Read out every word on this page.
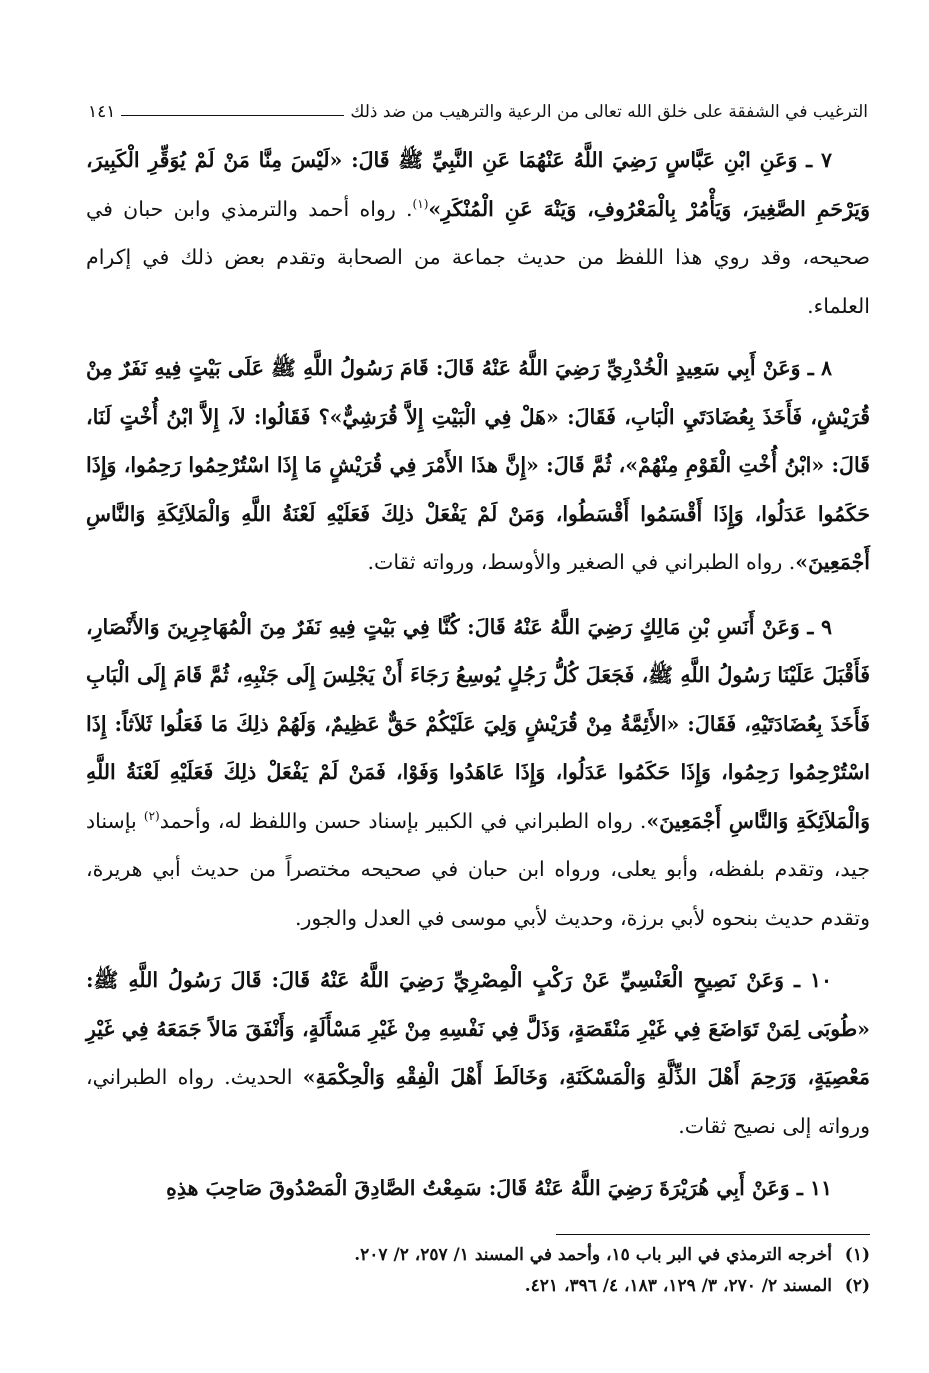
الترغيب في الشفقة على خلق الله تعالى من الرعية والترهيب من ضد ذلك
١٤١

٧ ـ وَعَنِ ابْنِ عَبَّاسٍ رَضِيَ اللَّهُ عَنْهُمَا عَنِ النَّبِيِّ ﷺ قَالَ: «لَيْسَ مِنَّا مَنْ لَمْ يُوَقِّرِ الْكَبِيرَ، وَيَرْحَمِ الصَّغِيرَ، وَيَأْمُرْ بِالْمَعْرُوفِ، وَيَنْهَ عَنِ الْمُنْكَرِ»$^{(١)}$. رواه أحمد والترمذي وابن حبان في صحيحه، وقد روي هذا اللفظ من حديث جماعة من الصحابة وتقدم بعض ذلك في إكرام العلماء.

٨ ـ وَعَنْ أَبِي سَعِيدٍ الْخُدْرِيِّ رَضِيَ اللَّهُ عَنْهُ قَالَ: قَامَ رَسُولُ اللَّهِ ﷺ عَلَى بَيْتٍ فِيهِ نَفَرٌ مِنْ قُرَيْشٍ، فَأَخَذَ بِعُضَادَتَيِ الْبَابِ، فَقَالَ: «هَلْ فِي الْبَيْتِ إِلاَّ قُرَشِيٌّ»؟ فَقَالُوا: لاَ، إِلاَّ ابْنُ أُخْتٍ لَنَا، قَالَ: «ابْنُ أُخْتِ الْقَوْمِ مِنْهُمْ»، ثُمَّ قَالَ: «إِنَّ هذَا الأَمْرَ فِي قُرَيْشٍ مَا إِذَا اسْتُرْحِمُوا رَحِمُوا، وَإِذَا حَكَمُوا عَدَلُوا، وَإِذَا أَقْسَمُوا أَقْسَطُوا، وَمَنْ لَمْ يَفْعَلْ ذلِكَ فَعَلَيْهِ لَعْنَةُ اللَّهِ وَالْمَلاَئِكَةِ وَالنَّاسِ أَجْمَعِينَ». رواه الطبراني في الصغير والأوسط، ورواته ثقات.

٩ ـ وَعَنْ أَنَسِ بْنِ مَالِكٍ رَضِيَ اللَّهُ عَنْهُ قَالَ: كُنَّا فِي بَيْتٍ فِيهِ نَفَرٌ مِنَ الْمُهَاجِرِينَ وَالأَنْصَارِ، فَأَقْبَلَ عَلَيْنَا رَسُولُ اللَّهِ ﷺ، فَجَعَلَ كُلُّ رَجُلٍ يُوسِعُ رَجَاءَ أَنْ يَجْلِسَ إِلَى جَنْبِهِ، ثُمَّ قَامَ إِلَى الْبَابِ فَأَخَذَ بِعُضَادَتَيْهِ، فَقَالَ: «الأَئِمَّةُ مِنْ قُرَيْشٍ وَلِيَ عَلَيْكُمْ حَقٌّ عَظِيمٌ، وَلَهُمْ ذلِكَ مَا فَعَلُوا ثَلاَثاً: إِذَا اسْتُرْحِمُوا رَحِمُوا، وَإِذَا حَكَمُوا عَدَلُوا، وَإِذَا عَاهَدُوا وَفَوْا، فَمَنْ لَمْ يَفْعَلْ ذلِكَ فَعَلَيْهِ لَعْنَةُ اللَّهِ وَالْمَلاَئِكَةِ وَالنَّاسِ أَجْمَعِينَ». رواه الطبراني في الكبير بإسناد حسن واللفظ له، وأحمد$^{(٢)}$ بإسناد جيد، وتقدم بلفظه، وأبو يعلى، ورواه ابن حبان في صحيحه مختصراً من حديث أبي هريرة، وتقدم حديث بنحوه لأبي برزة، وحديث لأبي موسى في العدل والجور.

١٠ ـ وَعَنْ نَصِيحٍ الْعَنْسِيِّ عَنْ رَكْبٍ الْمِصْرِيِّ رَضِيَ اللَّهُ عَنْهُ قَالَ: قَالَ رَسُولُ اللَّهِ ﷺ: «طُوبَى لِمَنْ تَوَاضَعَ فِي غَيْرِ مَنْقَصَةٍ، وَذَلَّ فِي نَفْسِهِ مِنْ غَيْرِ مَسْأَلَةٍ، وَأَنْفَقَ مَالاً جَمَعَهُ فِي غَيْرِ مَعْصِيَةٍ، وَرَحِمَ أَهْلَ الذِّلَّةِ وَالْمَسْكَنَةِ، وَخَالَطَ أَهْلَ الْفِقْهِ وَالْحِكْمَةِ» الحديث. رواه الطبراني، ورواته إلى نصيح ثقات.

١١ ـ وَعَنْ أَبِي هُرَيْرَةَ رَضِيَ اللَّهُ عَنْهُ قَالَ: سَمِعْتُ الصَّادِقَ الْمَصْدُوقَ صَاحِبَ هذِهِ

(١)أخرجه الترمذي في البر باب ١٥، وأحمد في المسند ١/ ٢٥٧، ٢/ ٢٠٧.

(٢)المسند ٢/ ٢٧٠، ٣/ ١٢٩، ١٨٣، ٤/ ٣٩٦، ٤٢١.
